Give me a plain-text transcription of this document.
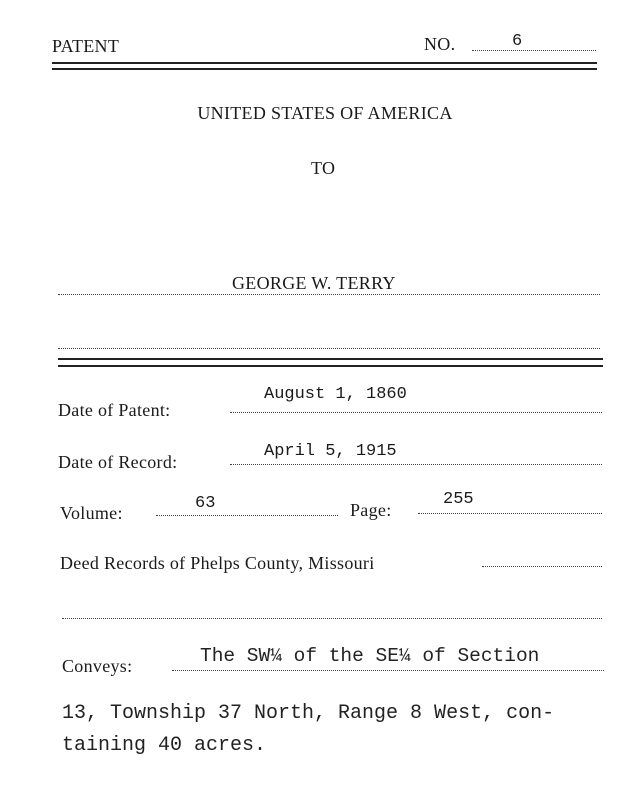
PATENT	NO.	6
UNITED STATES OF AMERICA
TO
GEORGE W. TERRY
Date of Patent:
August 1, 1860
Date of Record:
April 5, 1915
Volume:	63	Page:
255
Deed Records of Phelps County, Missouri
Conveys:	The SW¼ of the SE¼ of Section
13, Township 37 North, Range 8 West, con-
taining 40 acres.
